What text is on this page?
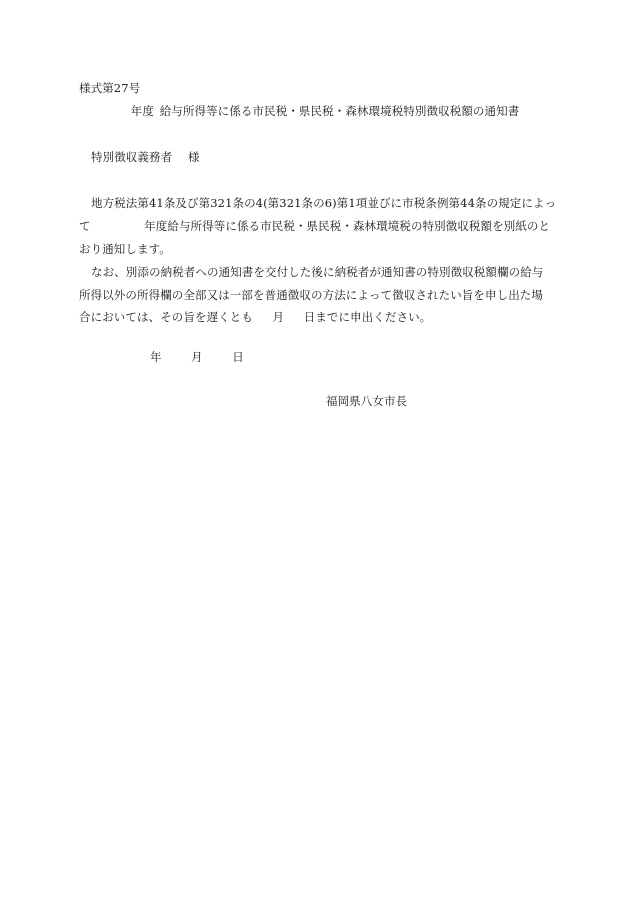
様式第27号
年度 給与所得等に係る市民税・県民税・森林環境税特別徴収税額の通知書
特別徴収義務者 様
地方税法第41条及び第321条の4(第321条の6)第1項並びに市税条例第44条の規定によっ
て	年度給与所得等に係る市民税・県民税・森林環境税の特別徴収税額を別紙のと
おり通知します。
なお、別添の納税者への通知書を交付した後に納税者が通知書の特別徴収税額欄の給与
所得以外の所得欄の全部又は一部を普通徴収の方法によって徴収されたい旨を申し出た場
合においては、その旨を遅くとも 月 日までに申出ください。
年	月	日
福岡県八女市長
